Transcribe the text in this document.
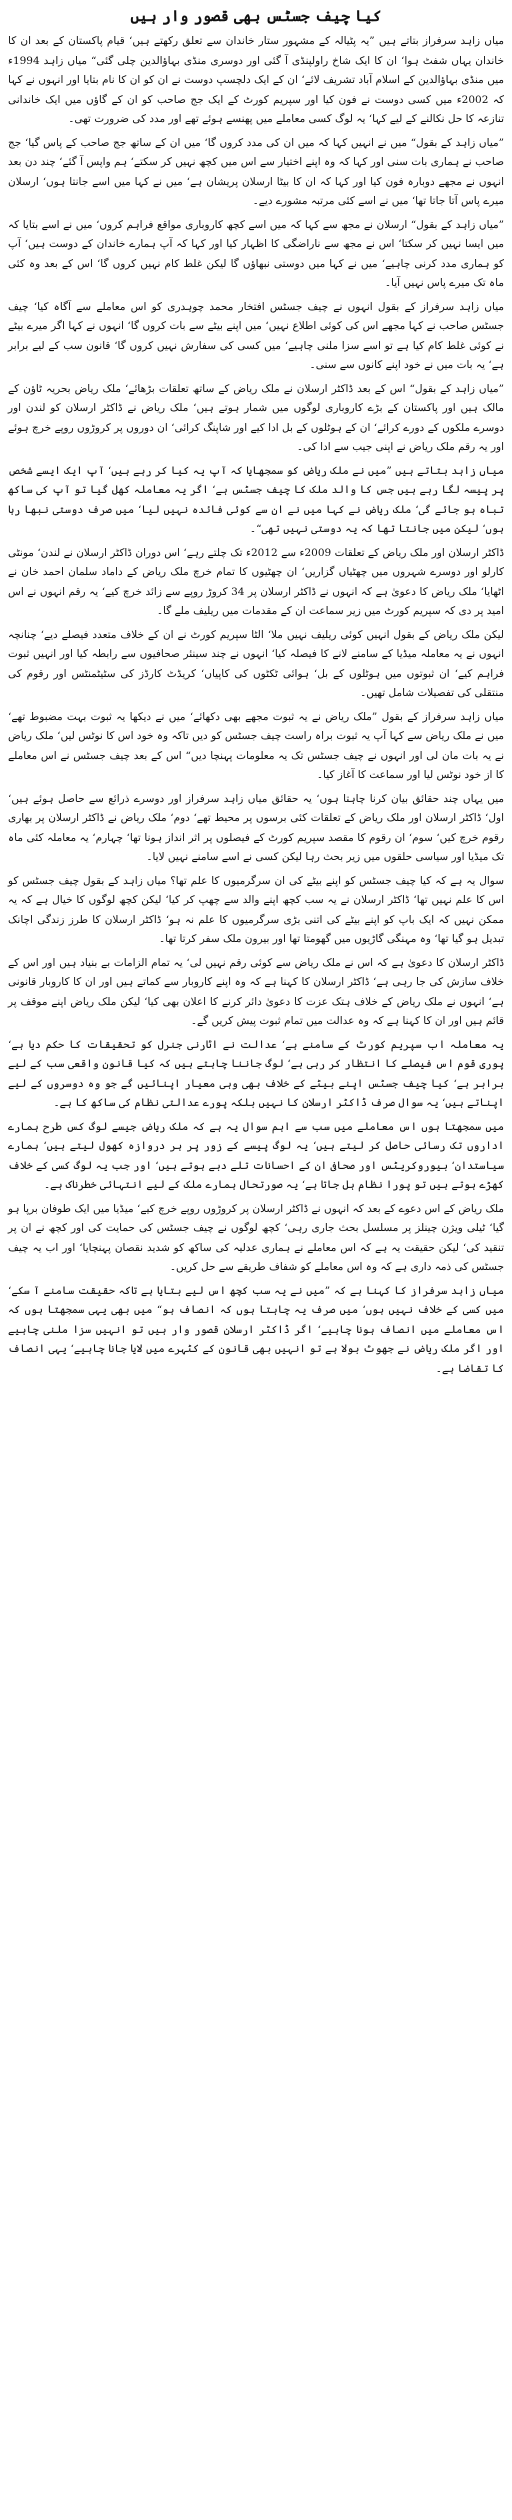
کیا چیف جسٹس بھی قصور وار ہیں

میاں زاہد سرفراز بتاتے ہیں ”یہ پٹیالہ کے مشہور ستار خاندان سے تعلق رکھتے ہیں‘ قیام پاکستان کے بعد ان کا خاندان یہاں شفٹ ہوا‘ ان کا ایک شاخ راولپنڈی آ گئی اور دوسری منڈی بہاؤالدین چلی گئی“ میاں زاہد 1994ء میں منڈی بہاؤالدین کے اسلام آباد تشریف لائے‘ ان کے ایک دلچسپ دوست نے ان کو ان کا نام بتایا اور انہوں نے کہا کہ 2002ء میں کسی دوست نے فون کیا اور سپریم کورٹ کے ایک جج صاحب کو ان کے گاؤں میں ایک خاندانی تنازعہ کا حل نکالنے کے لیے کہا‘ یہ لوگ کسی معاملے میں پھنسے ہوئے تھے اور مدد کی ضرورت تھی۔

”میاں زاہد کے بقول“ میں نے انہیں کہا کہ میں ان کی مدد کروں گا‘ میں ان کے ساتھ جج صاحب کے پاس گیا‘ جج صاحب نے ہماری بات سنی اور کہا کہ وہ اپنے اختیار سے اس میں کچھ نہیں کر سکتے‘ ہم واپس آ گئے‘ چند دن بعد انہوں نے مجھے دوبارہ فون کیا اور کہا کہ ان کا بیٹا ارسلان پریشان ہے‘ میں نے کہا میں اسے جانتا ہوں‘ ارسلان میرے پاس آتا جاتا تھا‘ میں نے اسے کئی مرتبہ مشورے دیے۔

”میاں زاہد کے بقول“ ارسلان نے مجھ سے کہا کہ میں اسے کچھ کاروباری مواقع فراہم کروں‘ میں نے اسے بتایا کہ میں ایسا نہیں کر سکتا‘ اس نے مجھ سے ناراضگی کا اظہار کیا اور کہا کہ آپ ہمارے خاندان کے دوست ہیں‘ آپ کو ہماری مدد کرنی چاہیے‘ میں نے کہا میں دوستی نبھاؤں گا لیکن غلط کام نہیں کروں گا‘ اس کے بعد وہ کئی ماہ تک میرے پاس نہیں آیا۔

میاں زاہد سرفراز کے بقول انہوں نے چیف جسٹس افتخار محمد چوہدری کو اس معاملے سے آگاہ کیا‘ چیف جسٹس صاحب نے کہا مجھے اس کی کوئی اطلاع نہیں‘ میں اپنے بیٹے سے بات کروں گا‘ انہوں نے کہا اگر میرے بیٹے نے کوئی غلط کام کیا ہے تو اسے سزا ملنی چاہیے‘ میں کسی کی سفارش نہیں کروں گا‘ قانون سب کے لیے برابر ہے‘ یہ بات میں نے خود اپنے کانوں سے سنی۔

”میاں زاہد کے بقول“ اس کے بعد ڈاکٹر ارسلان نے ملک ریاض کے ساتھ تعلقات بڑھائے‘ ملک ریاض بحریہ ٹاؤن کے مالک ہیں اور پاکستان کے بڑے کاروباری لوگوں میں شمار ہوتے ہیں‘ ملک ریاض نے ڈاکٹر ارسلان کو لندن اور دوسرے ملکوں کے دورے کرائے‘ ان کے ہوٹلوں کے بل ادا کیے اور شاپنگ کرائی‘ ان دوروں پر کروڑوں روپے خرچ ہوئے اور یہ رقم ملک ریاض نے اپنی جیب سے ادا کی۔

میاں زاہد بتاتے ہیں ”میں نے ملک ریاض کو سمجھایا کہ آپ یہ کیا کر رہے ہیں‘ آپ ایک ایسے شخص پر پیسہ لگا رہے ہیں جس کا والد ملک کا چیف جسٹس ہے‘ اگر یہ معاملہ کھل گیا تو آپ کی ساکھ تباہ ہو جائے گی‘ ملک ریاض نے کہا میں نے ان سے کوئی فائدہ نہیں لیا‘ میں صرف دوستی نبھا رہا ہوں‘ لیکن میں جانتا تھا کہ یہ دوستی نہیں تھی“۔

ڈاکٹر ارسلان اور ملک ریاض کے تعلقات 2009ء سے 2012ء تک چلتے رہے‘ اس دوران ڈاکٹر ارسلان نے لندن‘ مونٹی کارلو اور دوسرے شہروں میں چھٹیاں گزاریں‘ ان چھٹیوں کا تمام خرچ ملک ریاض کے داماد سلمان احمد خان نے اٹھایا‘ ملک ریاض کا دعویٰ ہے کہ انہوں نے ڈاکٹر ارسلان پر 34 کروڑ روپے سے زائد خرچ کیے‘ یہ رقم انہوں نے اس امید پر دی کہ سپریم کورٹ میں زیر سماعت ان کے مقدمات میں ریلیف ملے گا۔

لیکن ملک ریاض کے بقول انہیں کوئی ریلیف نہیں ملا‘ الٹا سپریم کورٹ نے ان کے خلاف متعدد فیصلے دیے‘ چنانچہ انہوں نے یہ معاملہ میڈیا کے سامنے لانے کا فیصلہ کیا‘ انہوں نے چند سینئر صحافیوں سے رابطہ کیا اور انہیں ثبوت فراہم کیے‘ ان ثبوتوں میں ہوٹلوں کے بل‘ ہوائی ٹکٹوں کی کاپیاں‘ کریڈٹ کارڈز کی سٹیٹمنٹس اور رقوم کی منتقلی کی تفصیلات شامل تھیں۔

میاں زاہد سرفراز کے بقول ”ملک ریاض نے یہ ثبوت مجھے بھی دکھائے‘ میں نے دیکھا یہ ثبوت بہت مضبوط تھے‘ میں نے ملک ریاض سے کہا آپ یہ ثبوت براہ راست چیف جسٹس کو دیں تاکہ وہ خود اس کا نوٹس لیں‘ ملک ریاض نے یہ بات مان لی اور انہوں نے چیف جسٹس تک یہ معلومات پہنچا دیں“ اس کے بعد چیف جسٹس نے اس معاملے کا از خود نوٹس لیا اور سماعت کا آغاز کیا۔

میں یہاں چند حقائق بیان کرنا چاہتا ہوں‘ یہ حقائق میاں زاہد سرفراز اور دوسرے ذرائع سے حاصل ہوئے ہیں‘ اول‘ ڈاکٹر ارسلان اور ملک ریاض کے تعلقات کئی برسوں پر محیط تھے‘ دوم‘ ملک ریاض نے ڈاکٹر ارسلان پر بھاری رقوم خرچ کیں‘ سوم‘ ان رقوم کا مقصد سپریم کورٹ کے فیصلوں پر اثر انداز ہونا تھا‘ چہارم‘ یہ معاملہ کئی ماہ تک میڈیا اور سیاسی حلقوں میں زیر بحث رہا لیکن کسی نے اسے سامنے نہیں لایا۔

سوال یہ ہے کہ کیا چیف جسٹس کو اپنے بیٹے کی ان سرگرمیوں کا علم تھا؟ میاں زاہد کے بقول چیف جسٹس کو اس کا علم نہیں تھا‘ ڈاکٹر ارسلان نے یہ سب کچھ اپنے والد سے چھپ کر کیا‘ لیکن کچھ لوگوں کا خیال ہے کہ یہ ممکن نہیں کہ ایک باپ کو اپنے بیٹے کی اتنی بڑی سرگرمیوں کا علم نہ ہو‘ ڈاکٹر ارسلان کا طرز زندگی اچانک تبدیل ہو گیا تھا‘ وہ مہنگی گاڑیوں میں گھومتا تھا اور بیرون ملک سفر کرتا تھا۔

ڈاکٹر ارسلان کا دعویٰ ہے کہ اس نے ملک ریاض سے کوئی رقم نہیں لی‘ یہ تمام الزامات بے بنیاد ہیں اور اس کے خلاف سازش کی جا رہی ہے‘ ڈاکٹر ارسلان کا کہنا ہے کہ وہ اپنے کاروبار سے کماتے ہیں اور ان کا کاروبار قانونی ہے‘ انہوں نے ملک ریاض کے خلاف ہتک عزت کا دعویٰ دائر کرنے کا اعلان بھی کیا‘ لیکن ملک ریاض اپنے موقف پر قائم ہیں اور ان کا کہنا ہے کہ وہ عدالت میں تمام ثبوت پیش کریں گے۔

یہ معاملہ اب سپریم کورٹ کے سامنے ہے‘ عدالت نے اٹارنی جنرل کو تحقیقات کا حکم دیا ہے‘ پوری قوم اس فیصلے کا انتظار کر رہی ہے‘ لوگ جاننا چاہتے ہیں کہ کیا قانون واقعی سب کے لیے برابر ہے‘ کیا چیف جسٹس اپنے بیٹے کے خلاف بھی وہی معیار اپنائیں گے جو وہ دوسروں کے لیے اپناتے ہیں‘ یہ سوال صرف ڈاکٹر ارسلان کا نہیں بلکہ پورے عدالتی نظام کی ساکھ کا ہے۔

میں سمجھتا ہوں اس معاملے میں سب سے اہم سوال یہ ہے کہ ملک ریاض جیسے لوگ کس طرح ہمارے اداروں تک رسائی حاصل کر لیتے ہیں‘ یہ لوگ پیسے کے زور پر ہر دروازہ کھول لیتے ہیں‘ ہمارے سیاستدان‘ بیوروکریٹس اور صحافی ان کے احسانات تلے دبے ہوتے ہیں‘ اور جب یہ لوگ کسی کے خلاف کھڑے ہوتے ہیں تو پورا نظام ہل جاتا ہے‘ یہ صورتحال ہمارے ملک کے لیے انتہائی خطرناک ہے۔

ملک ریاض کے اس دعوے کے بعد کہ انہوں نے ڈاکٹر ارسلان پر کروڑوں روپے خرچ کیے‘ میڈیا میں ایک طوفان برپا ہو گیا‘ ٹیلی ویژن چینلز پر مسلسل بحث جاری رہی‘ کچھ لوگوں نے چیف جسٹس کی حمایت کی اور کچھ نے ان پر تنقید کی‘ لیکن حقیقت یہ ہے کہ اس معاملے نے ہماری عدلیہ کی ساکھ کو شدید نقصان پہنچایا‘ اور اب یہ چیف جسٹس کی ذمہ داری ہے کہ وہ اس معاملے کو شفاف طریقے سے حل کریں۔

میاں زاہد سرفراز کا کہنا ہے کہ ”میں نے یہ سب کچھ اس لیے بتایا ہے تاکہ حقیقت سامنے آ سکے‘ میں کسی کے خلاف نہیں ہوں‘ میں صرف یہ چاہتا ہوں کہ انصاف ہو“ میں بھی یہی سمجھتا ہوں کہ اس معاملے میں انصاف ہونا چاہیے‘ اگر ڈاکٹر ارسلان قصور وار ہیں تو انہیں سزا ملنی چاہیے اور اگر ملک ریاض نے جھوٹ بولا ہے تو انہیں بھی قانون کے کٹہرے میں لایا جانا چاہیے‘ یہی انصاف کا تقاضا ہے۔
